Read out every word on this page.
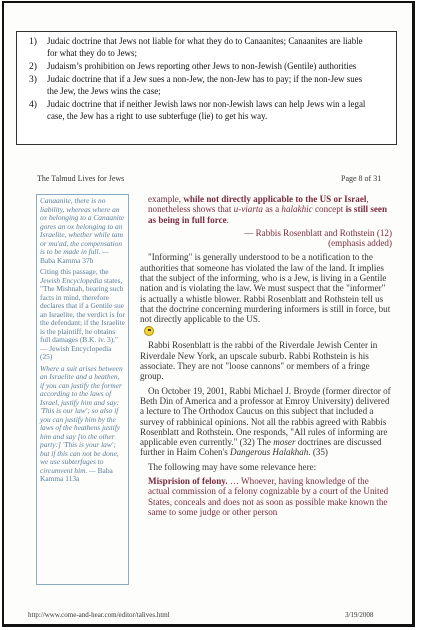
1)	Judaic doctrine that Jews not liable for what they do to Canaanites; Canaanites are liable for what they do to Jews;
2)	Judaism’s prohibition on Jews reporting other Jews to non-Jewish (Gentile) authorities
3)	Judaic doctrine that if a Jew sues a non-Jew, the non-Jew has to pay; if the non-Jew sues the Jew, the Jews wins the case;
4)	Judaic doctrine that if neither Jewish laws nor non-Jewish laws can help Jews win a legal case, the Jew has a right to use subterfuge (lie) to get his way.
The Talmud Lives for Jews	Page 8 of 31

Canaanite, there is no liability, whereas where an ox belonging to a Canaanite gores an ox belonging to an Israelite, whether while tam or mu'ad, the compensation is to be made in full. — Baba Kamma 37b

Citing this passage, the Jewish Encyclopedia states, "The Mishnah, bearing such facts in mind, therefore declares that if a Gentile sue an Israelite, the verdict is for the defendant; if the Israelite is the plaintiff, he obtains full damages (B.K. iv. 3)." — Jewish Encyclopedia (25)

Where a suit arises between an Israelite and a heathen, if you can justify the former according to the laws of Israel, justify him and say: 'This is our law'; so also if you can justify him by the laws of the heathens justify him and say [to the other party:] 'This is your law'; but if this can not be done, we use subterfuges to circumvent him. — Baba Kamma 113a

example, while not directly applicable to the US or Israel, nonetheless shows that u-viarta as a halakhic concept is still seen as being in full force.
— Rabbis Rosenblatt and Rothstein (12)
(emphasis added)

"Informing" is generally understood to be a notification to the authorities that someone has violated the law of the land. It implies that the subject of the informing, who is a Jew, is living in a Gentile nation and is violating the law. We must suspect that the "informer" is actually a whistle blower. Rabbi Rosenblatt and Rothstein tell us that the doctrine concerning murdering informers is still in force, but not directly applicable to the US.

Rabbi Rosenblatt is the rabbi of the Riverdale Jewish Center in Riverdale New York, an upscale suburb. Rabbi Rothstein is his associate. They are not "loose cannons" or members of a fringe group.

On October 19, 2001, Rabbi Michael J. Broyde (former director of Beth Din of America and a professor at Emroy University) delivered a lecture to The Orthodox Caucus on this subject that included a survey of rabbinical opinions. Not all the rabbis agreed with Rabbis Rosenblatt and Rothstein. One responds, "All rules of informing are applicable even currently." (32) The moser doctrines are discussed further in Haim Cohen's Dangerous Halakhah. (35)

The following may have some relevance here:

Misprision of felony. … Whoever, having knowledge of the actual commission of a felony cognizable by a court of the United States, conceals and does not as soon as possible make known the same to some judge or other person
http://www.come-and-hear.com/editor/talives.html	3/19/2008
